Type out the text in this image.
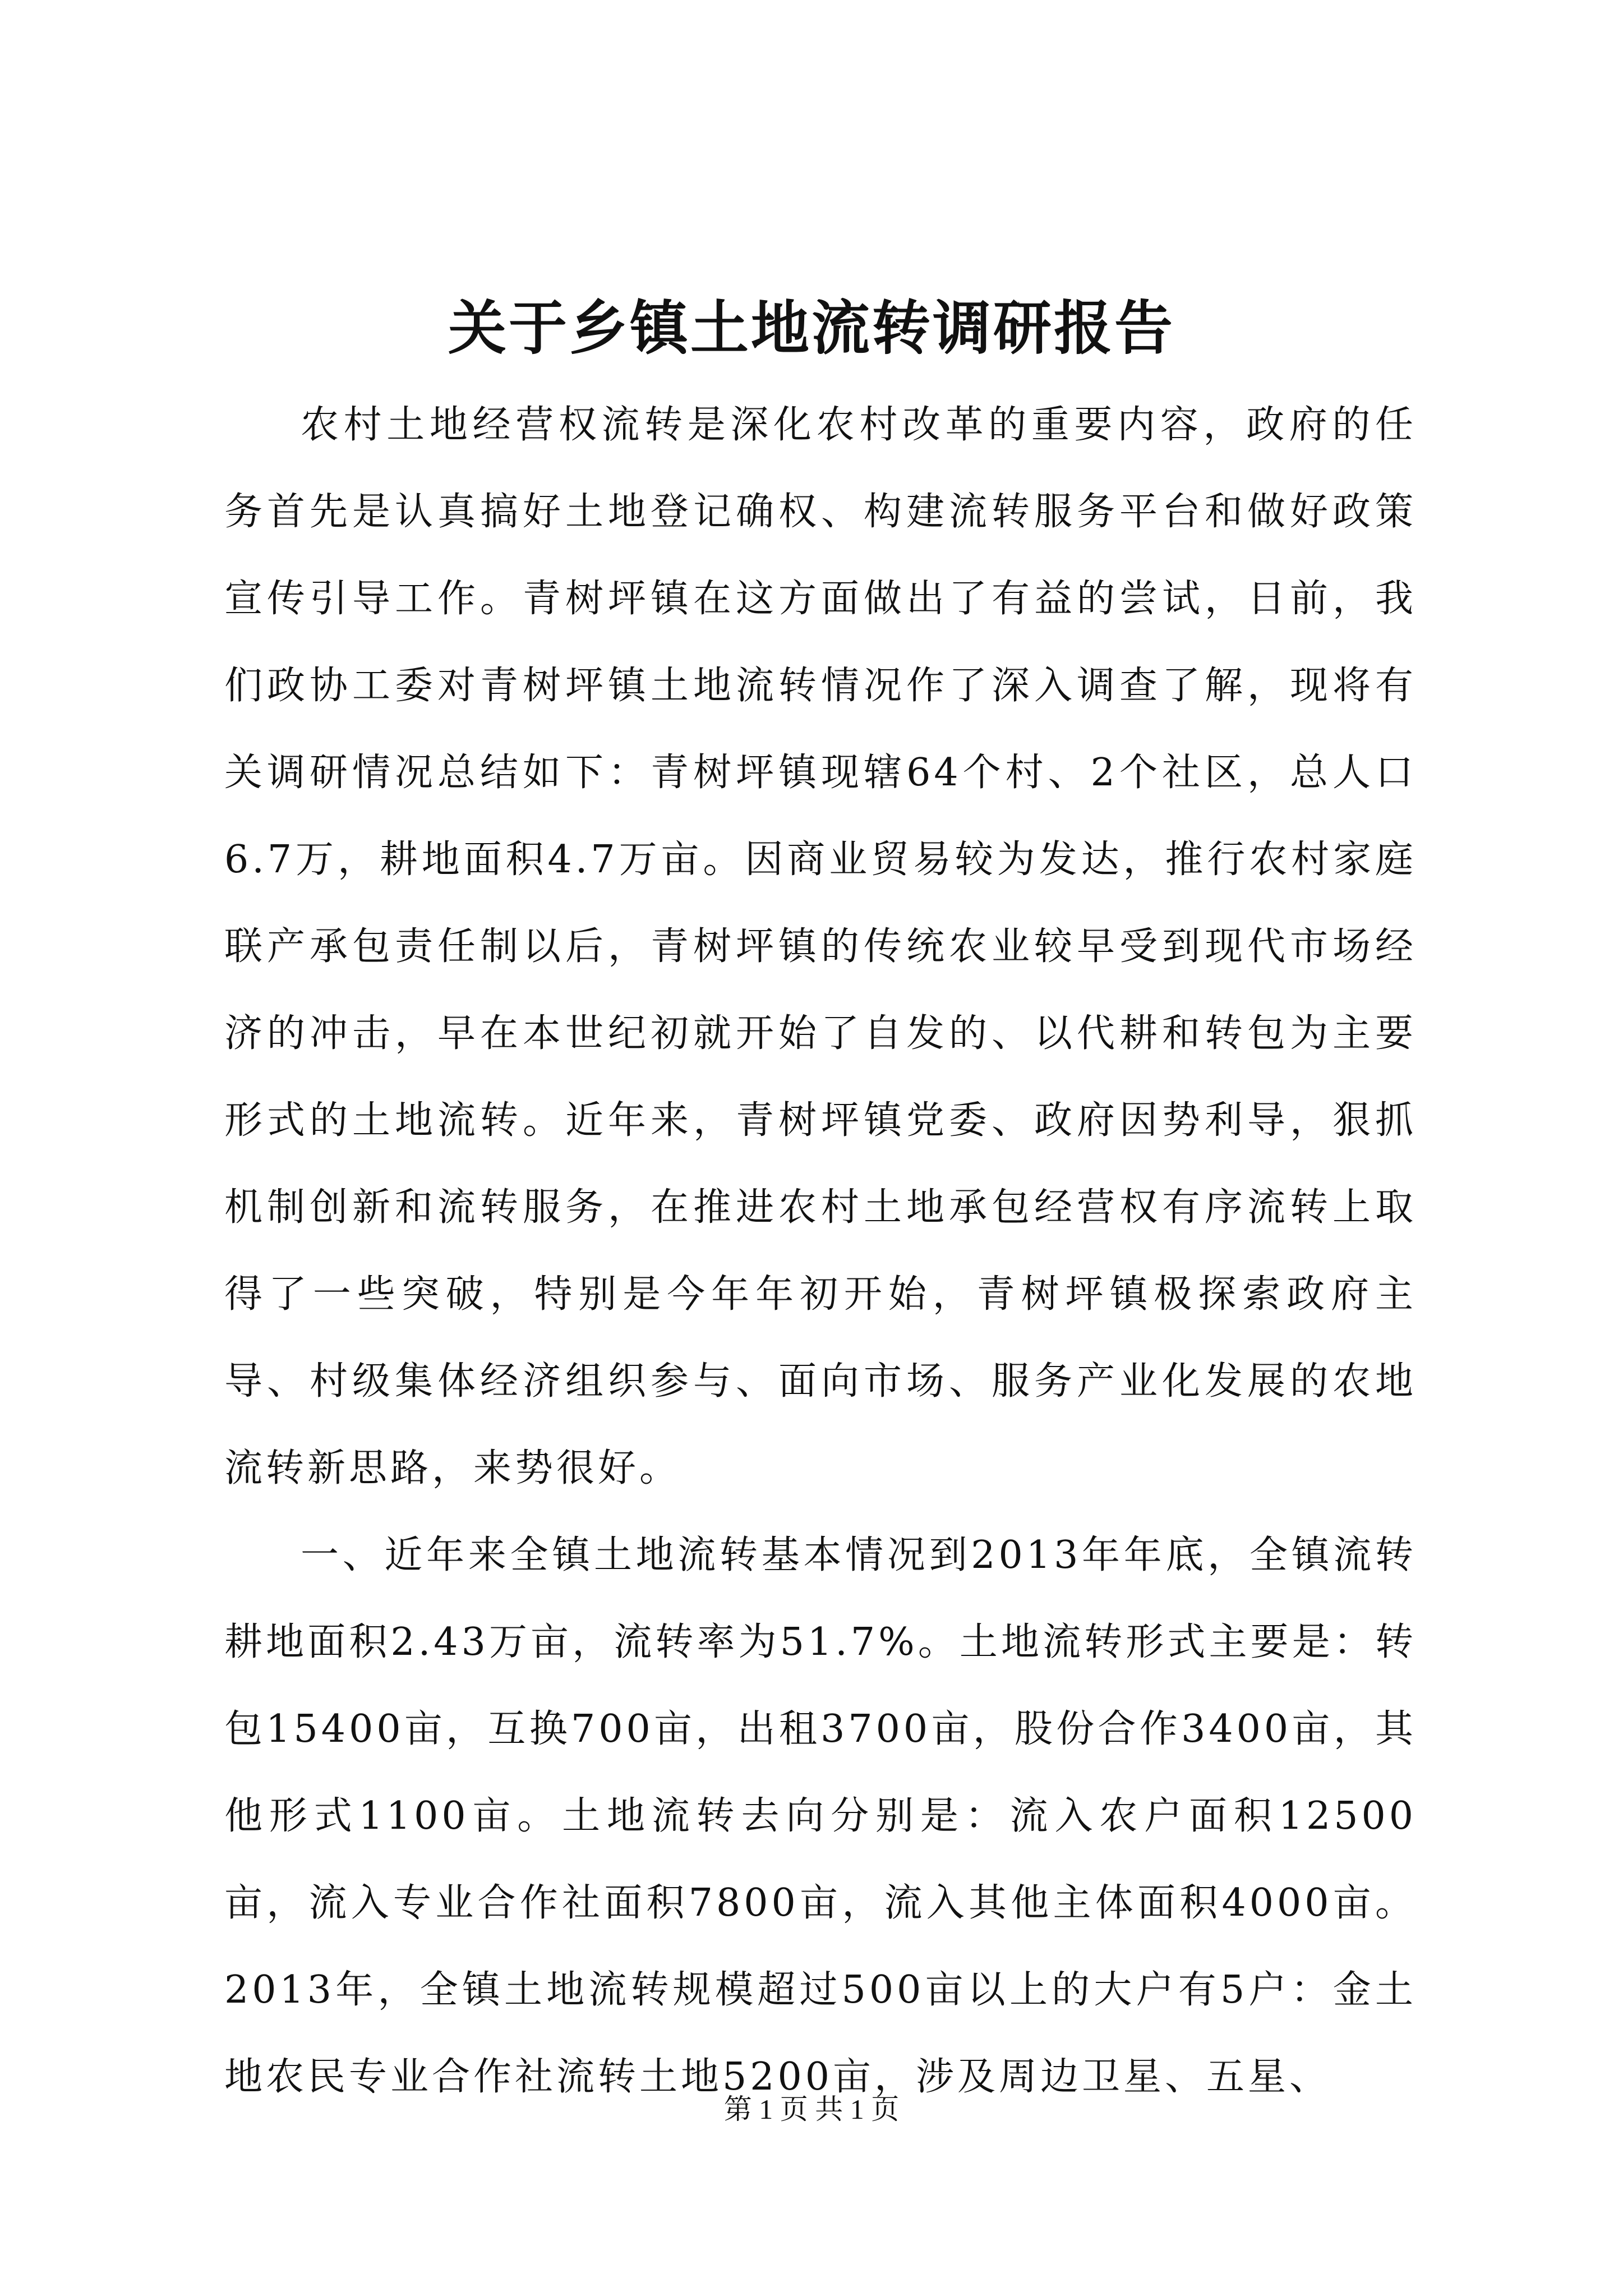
关于乡镇土地流转调研报告

农村土地经营权流转是深化农村改革的重要内容，政府的任务首先是认真搞好土地登记确权、构建流转服务平台和做好政策宣传引导工作。青树坪镇在这方面做出了有益的尝试，日前，我们政协工委对青树坪镇土地流转情况作了深入调查了解，现将有关调研情况总结如下：青树坪镇现辖64个村、2个社区，总人口6.7万，耕地面积4.7万亩。因商业贸易较为发达，推行农村家庭联产承包责任制以后，青树坪镇的传统农业较早受到现代市场经济的冲击，早在本世纪初就开始了自发的、以代耕和转包为主要形式的土地流转。近年来，青树坪镇党委、政府因势利导，狠抓机制创新和流转服务，在推进农村土地承包经营权有序流转上取得了一些突破，特别是今年年初开始，青树坪镇极探索政府主导、村级集体经济组织参与、面向市场、服务产业化发展的农地流转新思路，来势很好。

一、近年来全镇土地流转基本情况到2013年年底，全镇流转耕地面积2.43万亩，流转率为51.7%。土地流转形式主要是：转包15400亩，互换700亩，出租3700亩，股份合作3400亩，其他形式1100亩。土地流转去向分别是：流入农户面积12500亩，流入专业合作社面积7800亩，流入其他主体面积4000亩。2013年，全镇土地流转规模超过500亩以上的大户有5户：金土地农民专业合作社流转土地5200亩，涉及周边卫星、五星、

第 1 页 共 1 页
